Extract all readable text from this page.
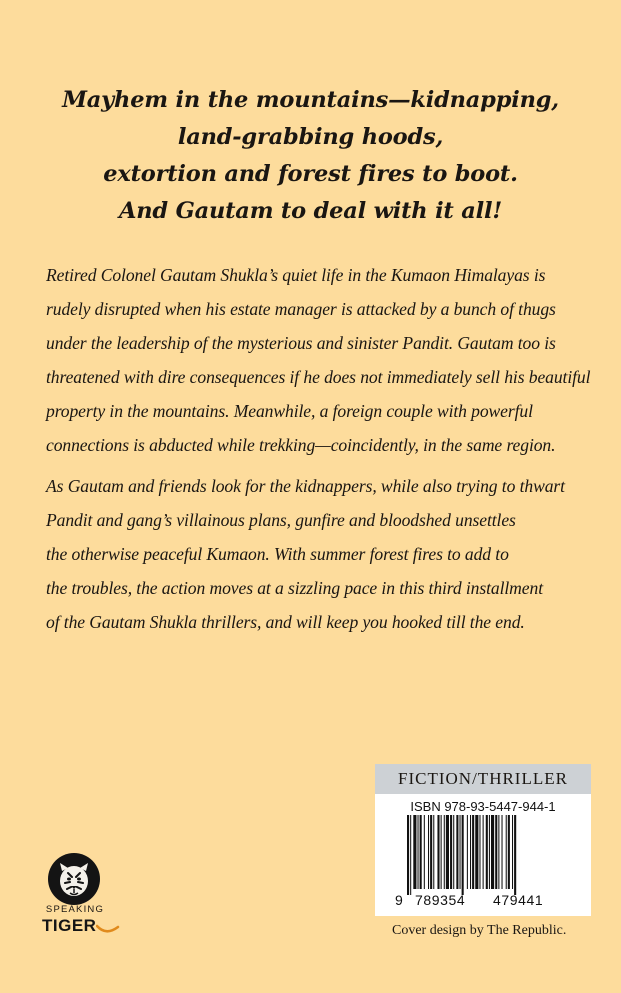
Mayhem in the mountains—kidnapping,
land-grabbing hoods,
extortion and forest fires to boot.
And Gautam to deal with it all!
Retired Colonel Gautam Shukla’s quiet life in the Kumaon Himalayas is
rudely disrupted when his estate manager is attacked by a bunch of thugs
under the leadership of the mysterious and sinister Pandit. Gautam too is
threatened with dire consequences if he does not immediately sell his beautiful
property in the mountains. Meanwhile, a foreign couple with powerful
connections is abducted while trekking—coincidently, in the same region.
As Gautam and friends look for the kidnappers, while also trying to thwart
Pandit and gang’s villainous plans, gunfire and bloodshed unsettles
the otherwise peaceful Kumaon. With summer forest fires to add to
the troubles, the action moves at a sizzling pace in this third installment
of the Gautam Shukla thrillers, and will keep you hooked till the end.
FICTION/THRILLER
ISBN 978-93-5447-944-1
9 789354 479441
Cover design by The Republic.
SPEAKING
TIGER
